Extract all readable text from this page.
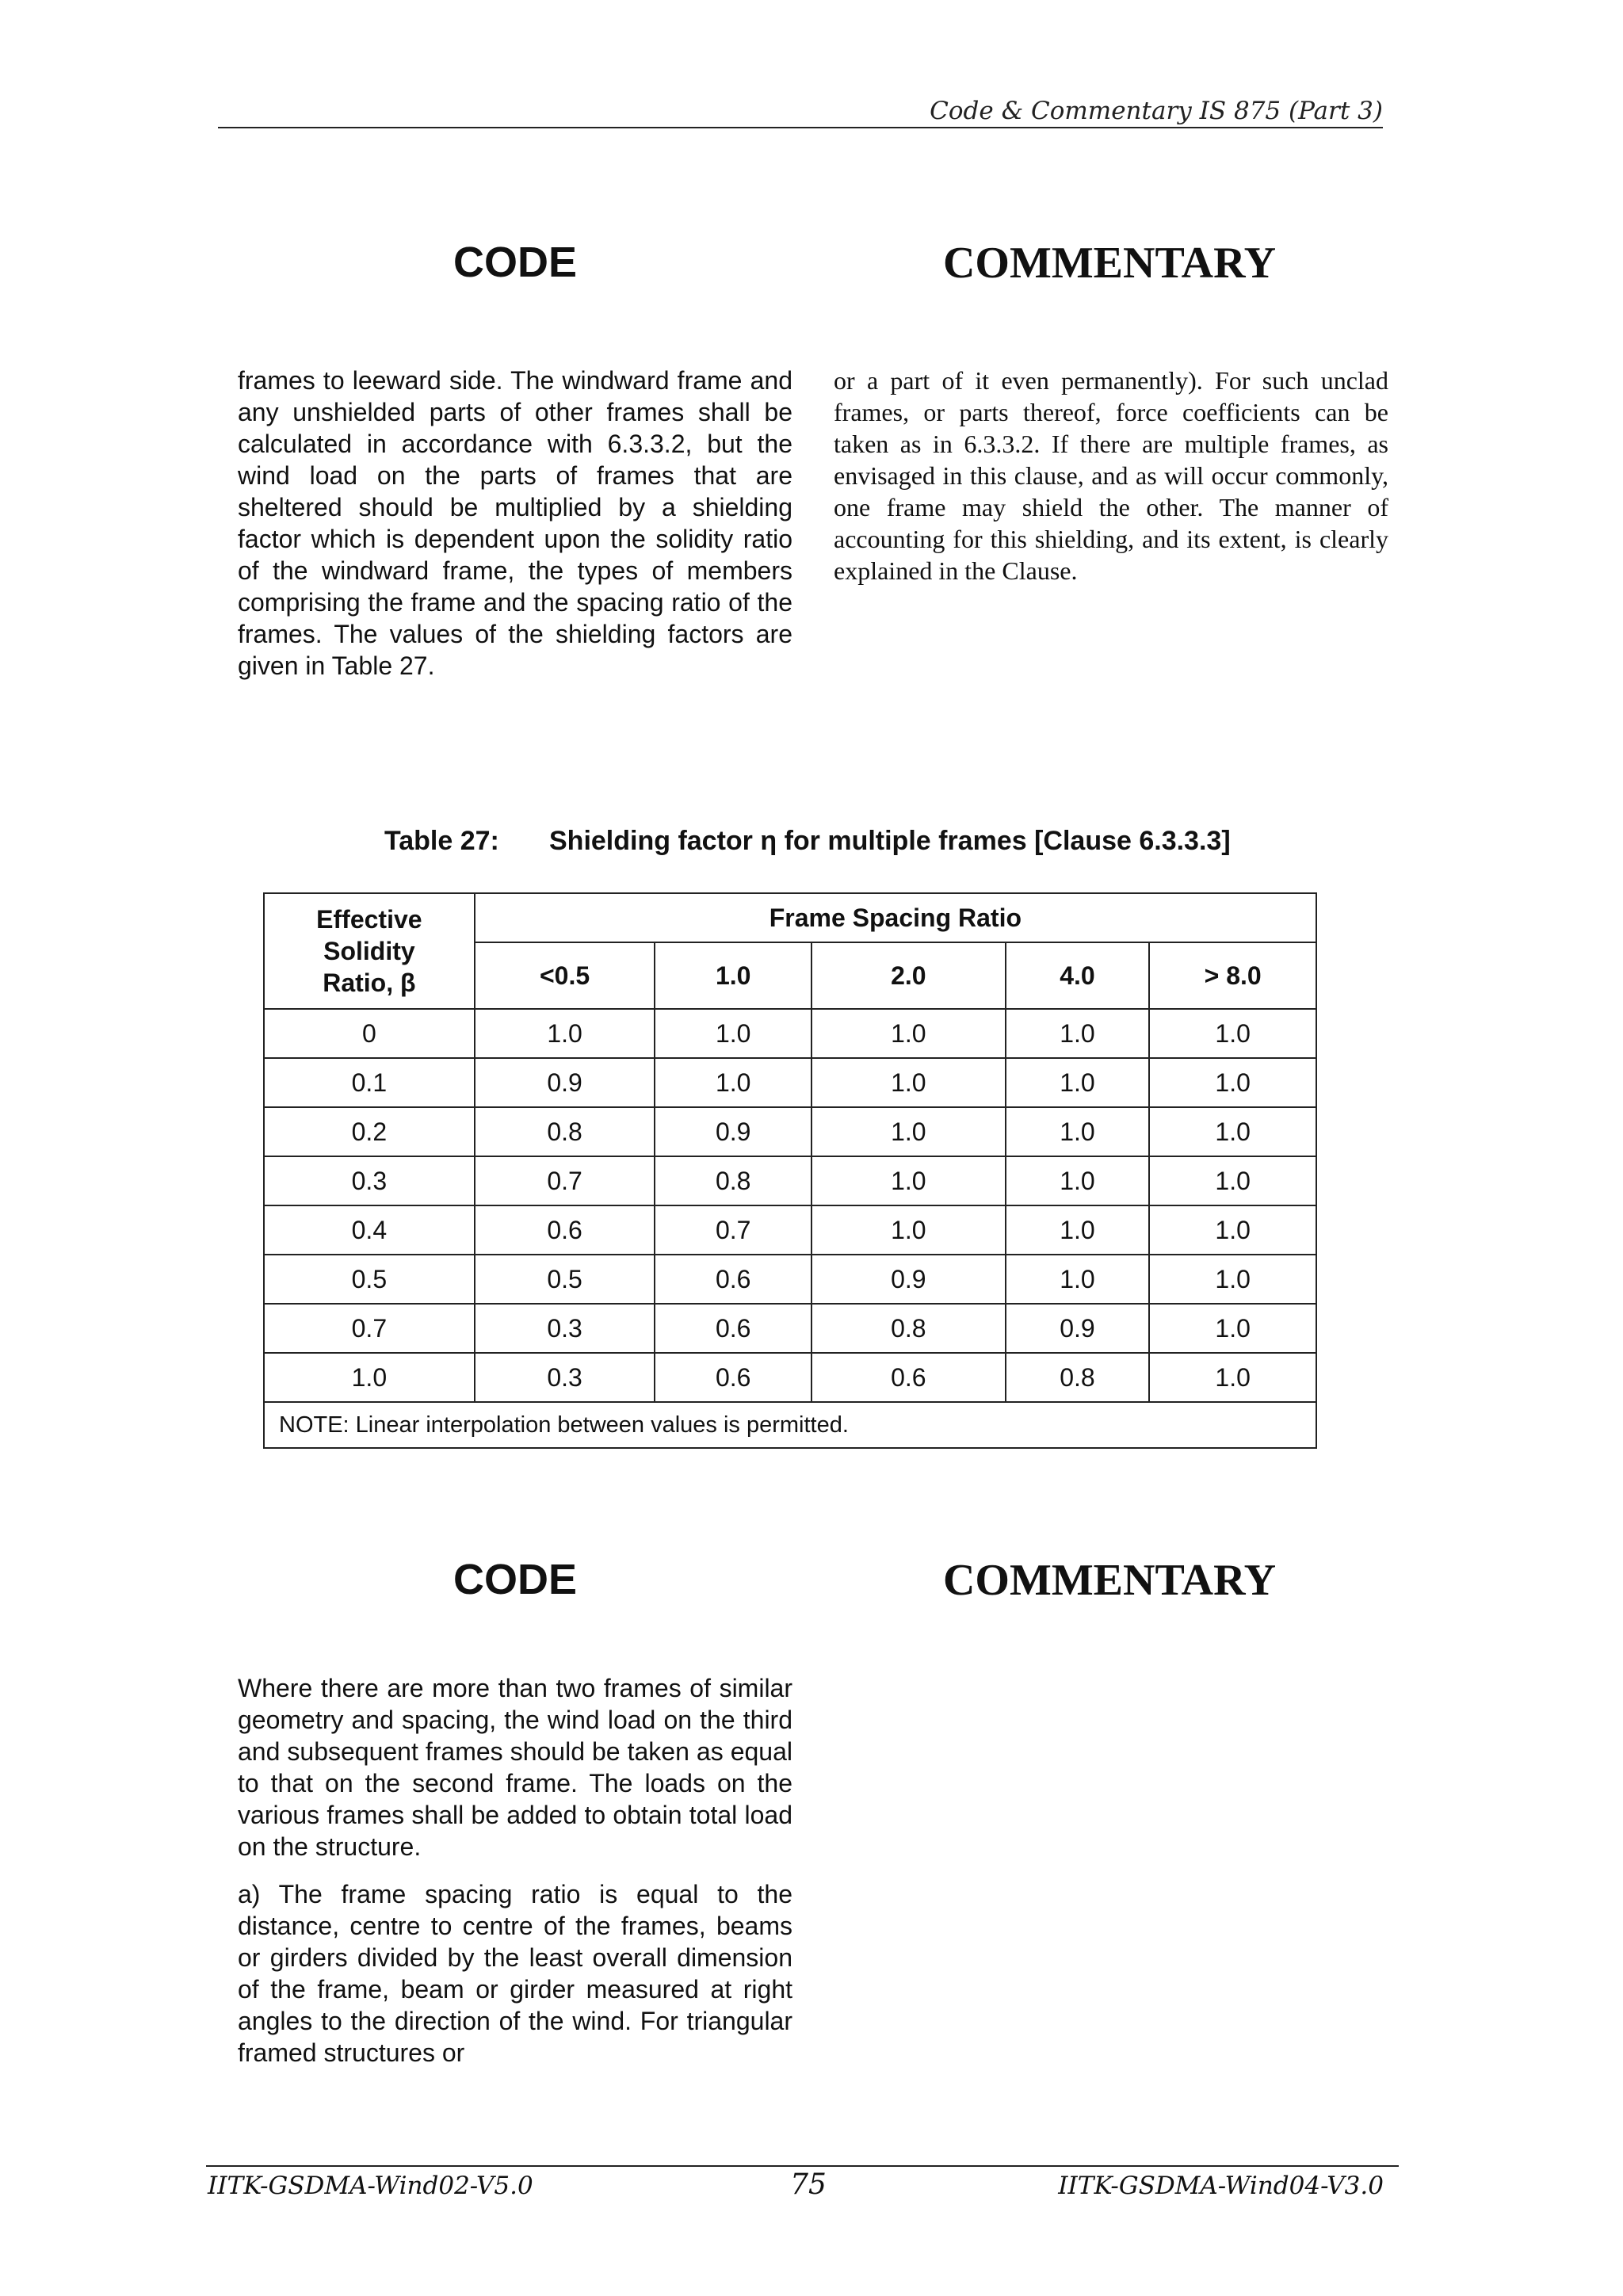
Code & Commentary IS 875 (Part 3)
CODE	COMMENTARY

frames to leeward side. The windward frame and any unshielded parts of other frames shall be calculated in accordance with 6.3.3.2, but the wind load on the parts of frames that are sheltered should be multiplied by a shielding factor which is dependent upon the solidity ratio of the windward frame, the types of members comprising the frame and the spacing ratio of the frames. The values of the shielding factors are given in Table 27.

or a part of it even permanently). For such unclad frames, or parts thereof, force coefficients can be taken as in 6.3.3.2. If there are multiple frames, as envisaged in this clause, and as will occur commonly, one frame may shield the other. The manner of accounting for this shielding, and its extent, is clearly explained in the Clause.

Table 27: Shielding factor η for multiple frames [Clause 6.3.3.3]
Effective Solidity Ratio, β	Frame Spacing Ratio				
	<0.5	1.0	2.0	4.0	> 8.0
0	1.0	1.0	1.0	1.0	1.0
0.1	0.9	1.0	1.0	1.0	1.0
0.2	0.8	0.9	1.0	1.0	1.0
0.3	0.7	0.8	1.0	1.0	1.0
0.4	0.6	0.7	1.0	1.0	1.0
0.5	0.5	0.6	0.9	1.0	1.0
0.7	0.3	0.6	0.8	0.9	1.0
1.0	0.3	0.6	0.6	0.8	1.0
NOTE: Linear interpolation between values is permitted.					
CODE	COMMENTARY

Where there are more than two frames of similar geometry and spacing, the wind load on the third and subsequent frames should be taken as equal to that on the second frame. The loads on the various frames shall be added to obtain total load on the structure.

a) The frame spacing ratio is equal to the distance, centre to centre of the frames, beams or girders divided by the least overall dimension of the frame, beam or girder measured at right angles to the direction of the wind. For triangular framed structures or

IITK-GSDMA-Wind02-V5.0	75	IITK-GSDMA-Wind04-V3.0
